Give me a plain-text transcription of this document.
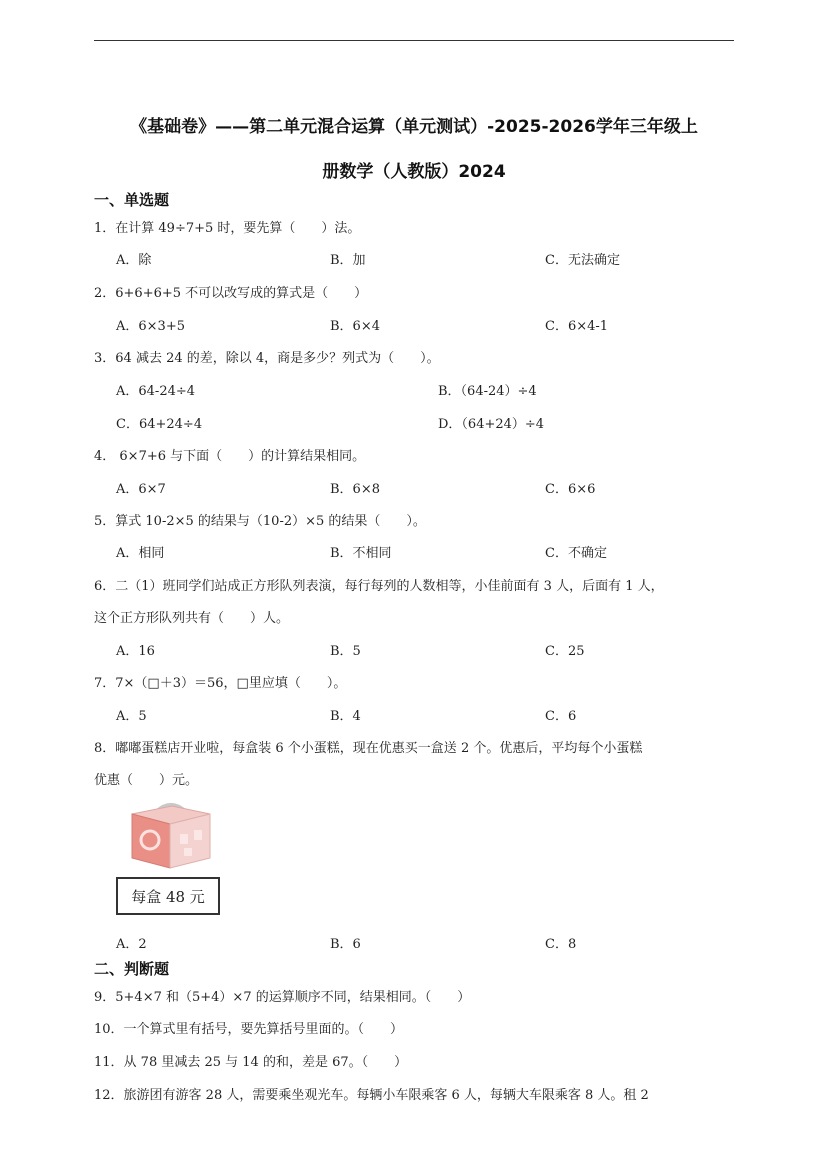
《基础卷》——第二单元混合运算（单元测试）-2025-2026学年三年级上
册数学（人教版）2024
一、单选题
1．在计算 49÷7+5 时，要先算（　　）法。
A．除	B．加	C．无法确定
2．6+6+6+5 不可以改写成的算式是（　　）
A．6×3+5	B．6×4	C．6×4-1
3．64 减去 24 的差，除以 4，商是多少？列式为（　　）。
A．64-24÷4	B．（64-24）÷4
C．64+24÷4	D．（64+24）÷4
4． 6×7+6 与下面（　　）的计算结果相同。
A．6×7	B．6×8	C．6×6
5．算式 10-2×5 的结果与（10-2）×5 的结果（　　）。
A．相同	B．不相同	C．不确定
6．二（1）班同学们站成正方形队列表演，每行每列的人数相等，小佳前面有 3 人，后面有 1 人，
这个正方形队列共有（　　）人。
A．16	B．5	C．25
7．7×（□＋3）＝56，□里应填（　　）。
A．5	B．4	C．6
8．嘟嘟蛋糕店开业啦，每盒装 6 个小蛋糕，现在优惠买一盒送 2 个。优惠后，平均每个小蛋糕
优惠（　　）元。
每盒 48 元
A．2	B．6	C．8
二、判断题
9．5+4×7 和（5+4）×7 的运算顺序不同，结果相同。（　　）
10．一个算式里有括号，要先算括号里面的。（　　）
11．从 78 里减去 25 与 14 的和，差是 67。（　　）
12．旅游团有游客 28 人，需要乘坐观光车。每辆小车限乘客 6 人，每辆大车限乘客 8 人。租 2
